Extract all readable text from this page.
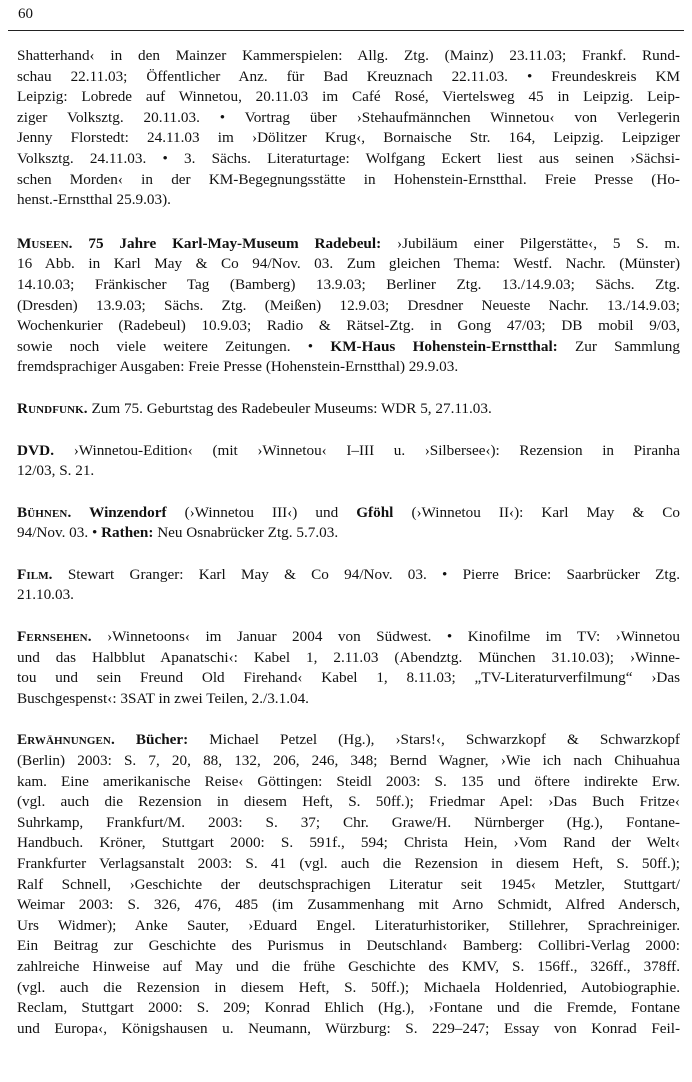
60
Shatterhand‹ in den Mainzer Kammerspielen: Allg. Ztg. (Mainz) 23.11.03; Frankf. Rund-
schau 22.11.03; Öffentlicher Anz. für Bad Kreuznach 22.11.03. • Freundeskreis KM
Leipzig: Lobrede auf Winnetou, 20.11.03 im Café Rosé, Viertelsweg 45 in Leipzig. Leip-
ziger Volksztg. 20.11.03. • Vortrag über ›Stehaufmännchen Winnetou‹ von Verlegerin
Jenny Florstedt: 24.11.03 im ›Dölitzer Krug‹, Bornaische Str. 164, Leipzig. Leipziger
Volksztg. 24.11.03. • 3. Sächs. Literaturtage: Wolfgang Eckert liest aus seinen ›Sächsi-
schen Morden‹ in der KM-Begegnungsstätte in Hohenstein-Ernstthal. Freie Presse (Ho-
henst.-Ernstthal 25.9.03).
Museen. 75 Jahre Karl-May-Museum Radebeul: ›Jubiläum einer Pilgerstätte‹, 5 S. m.
16 Abb. in Karl May & Co 94/Nov. 03. Zum gleichen Thema: Westf. Nachr. (Münster)
14.10.03; Fränkischer Tag (Bamberg) 13.9.03; Berliner Ztg. 13./14.9.03; Sächs. Ztg.
(Dresden) 13.9.03; Sächs. Ztg. (Meißen) 12.9.03; Dresdner Neueste Nachr. 13./14.9.03;
Wochenkurier (Radebeul) 10.9.03; Radio & Rätsel-Ztg. in Gong 47/03; DB mobil 9/03,
sowie noch viele weitere Zeitungen. • KM-Haus Hohenstein-Ernstthal: Zur Sammlung
fremdsprachiger Ausgaben: Freie Presse (Hohenstein-Ernstthal) 29.9.03.
Rundfunk. Zum 75. Geburtstag des Radebeuler Museums: WDR 5, 27.11.03.
DVD. ›Winnetou-Edition‹ (mit ›Winnetou‹ I–III u. ›Silbersee‹): Rezension in Piranha
12/03, S. 21.
Bühnen. Winzendorf (›Winnetou III‹) und Gföhl (›Winnetou II‹): Karl May & Co
94/Nov. 03. • Rathen: Neu Osnabrücker Ztg. 5.7.03.
Film. Stewart Granger: Karl May & Co 94/Nov. 03. • Pierre Brice: Saarbrücker Ztg.
21.10.03.
Fernsehen. ›Winnetoons‹ im Januar 2004 von Südwest. • Kinofilme im TV: ›Winnetou
und das Halbblut Apanatschi‹: Kabel 1, 2.11.03 (Abendztg. München 31.10.03); ›Winne-
tou und sein Freund Old Firehand‹ Kabel 1, 8.11.03; „TV-Literaturverfilmung“ ›Das
Buschgespenst‹: 3SAT in zwei Teilen, 2./3.1.04.
Erwähnungen. Bücher: Michael Petzel (Hg.), ›Stars!‹, Schwarzkopf & Schwarzkopf
(Berlin) 2003: S. 7, 20, 88, 132, 206, 246, 348; Bernd Wagner, ›Wie ich nach Chihuahua
kam. Eine amerikanische Reise‹ Göttingen: Steidl 2003: S. 135 und öftere indirekte Erw.
(vgl. auch die Rezension in diesem Heft, S. 50ff.); Friedmar Apel: ›Das Buch Fritze‹
Suhrkamp, Frankfurt/M. 2003: S. 37; Chr. Grawe/H. Nürnberger (Hg.), Fontane-
Handbuch. Kröner, Stuttgart 2000: S. 591f., 594; Christa Hein, ›Vom Rand der Welt‹
Frankfurter Verlagsanstalt 2003: S. 41 (vgl. auch die Rezension in diesem Heft, S. 50ff.);
Ralf Schnell, ›Geschichte der deutschsprachigen Literatur seit 1945‹ Metzler, Stuttgart/
Weimar 2003: S. 326, 476, 485 (im Zusammenhang mit Arno Schmidt, Alfred Andersch,
Urs Widmer); Anke Sauter, ›Eduard Engel. Literaturhistoriker, Stillehrer, Sprachreiniger.
Ein Beitrag zur Geschichte des Purismus in Deutschland‹ Bamberg: Collibri-Verlag 2000:
zahlreiche Hinweise auf May und die frühe Geschichte des KMV, S. 156ff., 326ff., 378ff.
(vgl. auch die Rezension in diesem Heft, S. 50ff.); Michaela Holdenried, Autobiographie.
Reclam, Stuttgart 2000: S. 209; Konrad Ehlich (Hg.), ›Fontane und die Fremde, Fontane
und Europa‹, Königshausen u. Neumann, Würzburg: S. 229–247; Essay von Konrad Feil-
